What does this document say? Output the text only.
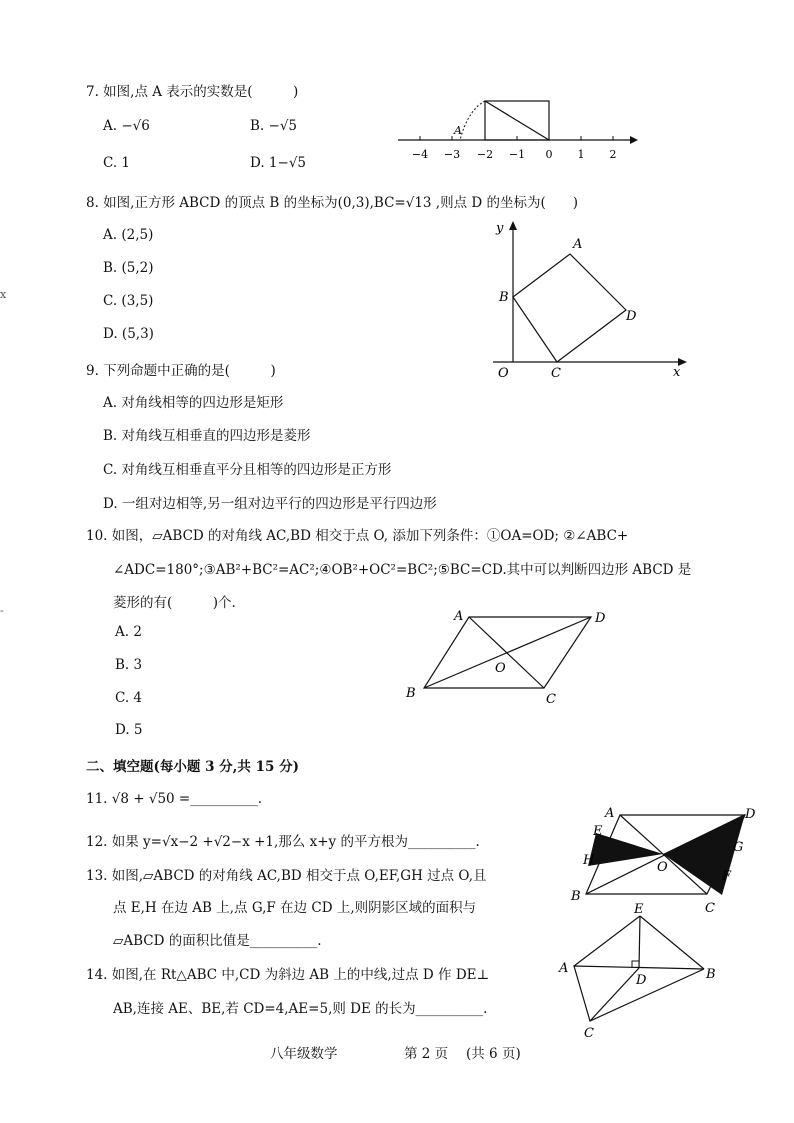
x
-
7. 如图,点 A 表示的实数是(　　　)
A. −√6	B. −√5
C. 1	D. 1−√5
−4 −3 −2 −1 0 1 2
A
8. 如图,正方形 ABCD 的顶点 B 的坐标为(0,3),BC=√13 ,则点 D 的坐标为(　　)
A. (2,5)
B. (5,2)
C. (3,5)
D. (5,3)
y
x
O
A
B
C
D
9. 下列命题中正确的是(　　　)
A. 对角线相等的四边形是矩形
B. 对角线互相垂直的四边形是菱形
C. 对角线互相垂直平分且相等的四边形是正方形
D. 一组对边相等,另一组对边平行的四边形是平行四边形
10. 如图，▱ABCD 的对角线 AC,BD 相交于点 O, 添加下列条件：①OA=OD; ②∠ABC+
∠ADC=180°;③AB²+BC²=AC²;④OB²+OC²=BC²;⑤BC=CD.其中可以判断四边形 ABCD 是
菱形的有(　　　)个.
A. 2
B. 3
C. 4
D. 5
A	D
B	C
O
二、填空题(每小题 3 分,共 15 分)
11. √8 + √50 =__________.
12. 如果 y=√x−2 +√2−x +1,那么 x+y 的平方根为__________.
13. 如图,▱ABCD 的对角线 AC,BD 相交于点 O,EF,GH 过点 O,且
点 E,H 在边 AB 上,点 G,F 在边 CD 上,则阴影区域的面积与
▱ABCD 的面积比值是__________.
A	D
E
G
H	O
F
B
C
14. 如图,在 Rt△ABC 中,CD 为斜边 AB 上的中线,过点 D 作 DE⊥
AB,连接 AE、BE,若 CD=4,AE=5,则 DE 的长为__________.
E
A
D	B
C
八年级数学	第 2 页 (共 6 页)
